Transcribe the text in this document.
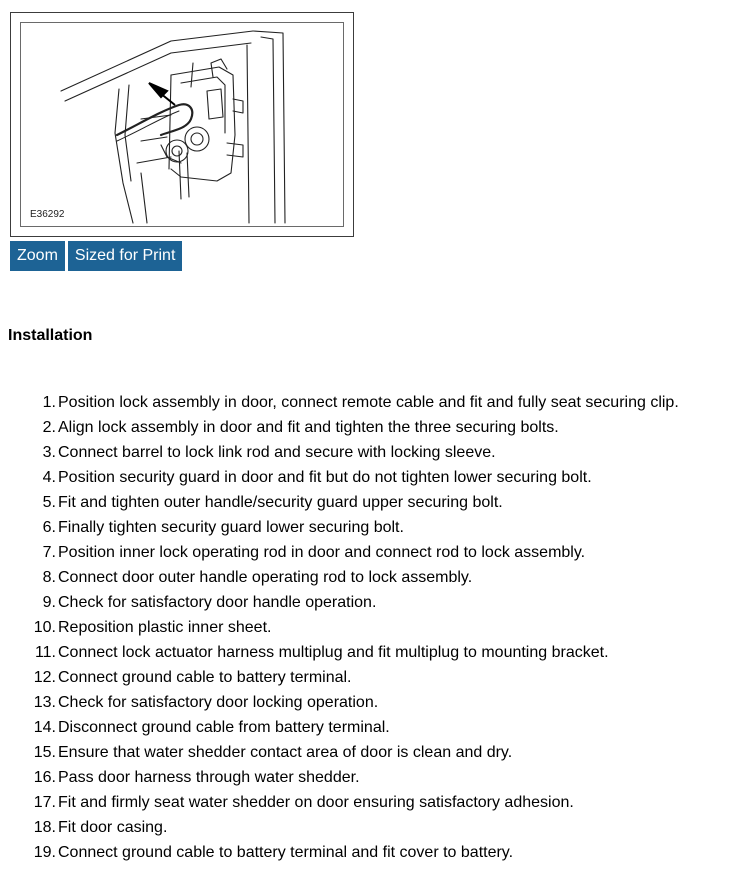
E36292
Zoom	Sized for Print
Installation
1. Position lock assembly in door, connect remote cable and fit and fully seat securing clip.
2. Align lock assembly in door and fit and tighten the three securing bolts.
3. Connect barrel to lock link rod and secure with locking sleeve.
4. Position security guard in door and fit but do not tighten lower securing bolt.
5. Fit and tighten outer handle/security guard upper securing bolt.
6. Finally tighten security guard lower securing bolt.
7. Position inner lock operating rod in door and connect rod to lock assembly.
8. Connect door outer handle operating rod to lock assembly.
9. Check for satisfactory door handle operation.
10. Reposition plastic inner sheet.
11. Connect lock actuator harness multiplug and fit multiplug to mounting bracket.
12. Connect ground cable to battery terminal.
13. Check for satisfactory door locking operation.
14. Disconnect ground cable from battery terminal.
15. Ensure that water shedder contact area of door is clean and dry.
16. Pass door harness through water shedder.
17. Fit and firmly seat water shedder on door ensuring satisfactory adhesion.
18. Fit door casing.
19. Connect ground cable to battery terminal and fit cover to battery.
